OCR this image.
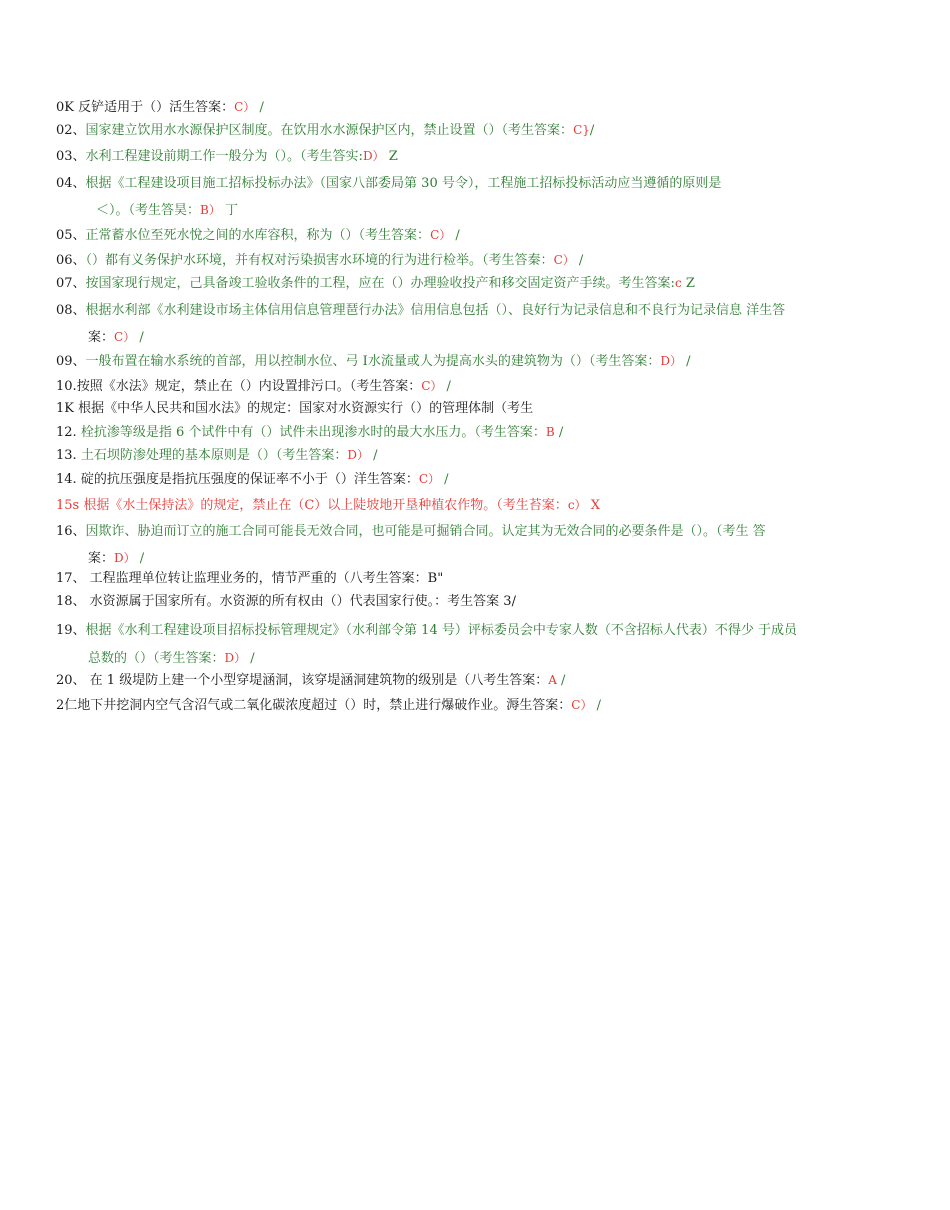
0K 反铲适用于（）活生答案：C） /
02、国家建立饮用水水源保护区制度。在饮用水水源保护区内，禁止设置（）（考生答案：C}/
03、水利工程建设前期工作一般分为（）。（考生答实:D） Z
04、根据《工程建设项目施工招标投标办法》（国家八部委局第 30 号令），工程施工招标投标活动应当遵循的原则是
＜）。（考生答昊：B） 丁
05、正常蓄水位至死水悅之间的水库容积，称为（）（考生答案：C） /
06、（）都有义务保护水环境，并有权对污染损害水环境的行为进行检举。（考生答秦：C） /
07、按国家现行规定，己具备竣工验收条件的工程，应在（）办理验收投产和移交固定资产手续。考生答案:c Z
08、根据水利部《水利建设市场主体信用信息管理琶行办法》信用信息包括（）、良好行为记录信息和不良行为记录信息 洋生答
案：C） /
09、一般布置在输水系统的首部，用以控制水位、弓 I水流量或人为提高水头的建筑物为（）（考生答案：D） /
10.按照《水法》规定，禁止在（）内设置排污口。（考生答案：C） /
1K 根据《中华人民共和国水法》的规定：国家对水资源实行（）的管理体制（考生
12. 栓抗渗等级是指 6 个试件中有（）试件未出现渗水时的最大水压力。（考生答案：B /
13. 土石坝防渗处理的基本原则是（）（考生答案：D） /
14. 碇的抗压强度是指抗压强度的保证率不小于（）洋生答案：C） /
15s 根据《水土保持法》的规定，禁止在（C）以上陡坡地开垦种植农作物。（考生苔案：c） X
16、因欺诈、胁迫而订立的施工合同可能長无效合同，也可能是可掘销合同。认定其为无效合同的必要条件是（）。（考生 答
案：D） /
17、 工程监理单位转让监理业务的，情节严重的（八考生答案：B"
18、 水资源属于国家所有。水资源的所有权由（）代表国家行使。：考生答案 3/
19、根据《水利工程建设项目招标投标管理规定》（水利部令第 14 号）评标委员会中专家人数（不含招标人代表）不得少 于成员
总数的（）（考生答案：D） /
20、 在 1 级堤防上建一个小型穿堤涵洞，该穿堤涵洞建筑物的级别是（八考生答案：A /
2仁地下井挖洞内空气含沼气或二氧化碳浓度超过（）时，禁止进行爆破作业。溽生答案：C） /
